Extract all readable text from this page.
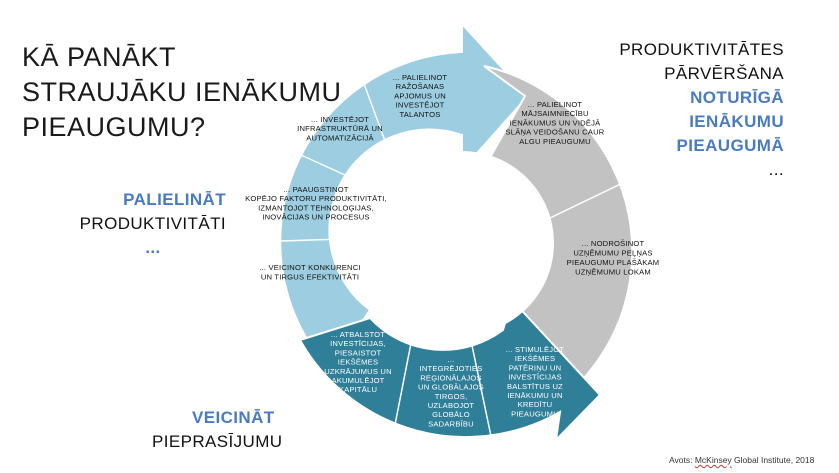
KĀ PANĀKT
STRAUJĀKU IENĀKUMU
PIEAUGUMU?
... PALIELINOT RAŽOŠANAS APJOMUS UN INVESTĒJOT TALANTOS
... INVESTĒJOT INFRASTRUKTŪRĀ UN AUTOMATIZĀCIJĀ
... PAAUGSTINOT KOPĒJO FAKTORU PRODUKTIVITĀTI, IZMANTOJOT TEHNOLOĢIJAS, INOVĀCIJAS UN PROCESUS
... VEICINOT KONKURENCI UN TIRGUS EFEKTIVITĀTI
... PALIELINOT MĀJSAIMNIECĪBU IENĀKUMUS UN VIDĒJĀ SLĀŅA VEIDOŠANU CAUR ALGU PIEAUGUMU
... NODROŠINOT UZŅĒMUMU PEĻŅAS PIEAUGUMU PLAŠĀKAM UZŅĒMUMU LOKAM
... ATBALSTOT INVESTĪCIJAS, PIESAISTOT IEKŠĒMES UZKRĀJUMUS UN AKUMULĒJOT KAPITĀLU
... INTEGRĒJOTIES REĢIONĀLAJOS UN GLOBĀLAJOS TIRGOS, UZLABOJOT GLOBĀLO SADARBĪBU
... STIMULĒJOT IEKŠĒMES PATĒRIŅU UN INVESTĪCIJAS BALSTĪTUS UZ IENĀKUMU UN KREDĪTU PIEAUGUMU
PALIELINĀT
PRODUKTIVITĀTI
...
PRODUKTIVITĀTES
PĀRVĒRŠANA
NOTURĪGĀ
IENĀKUMU
PIEAUGUMĀ
...
VEICINĀT
PIEPRASĪJUMU
Avots: McKinsey Global Institute, 2018
